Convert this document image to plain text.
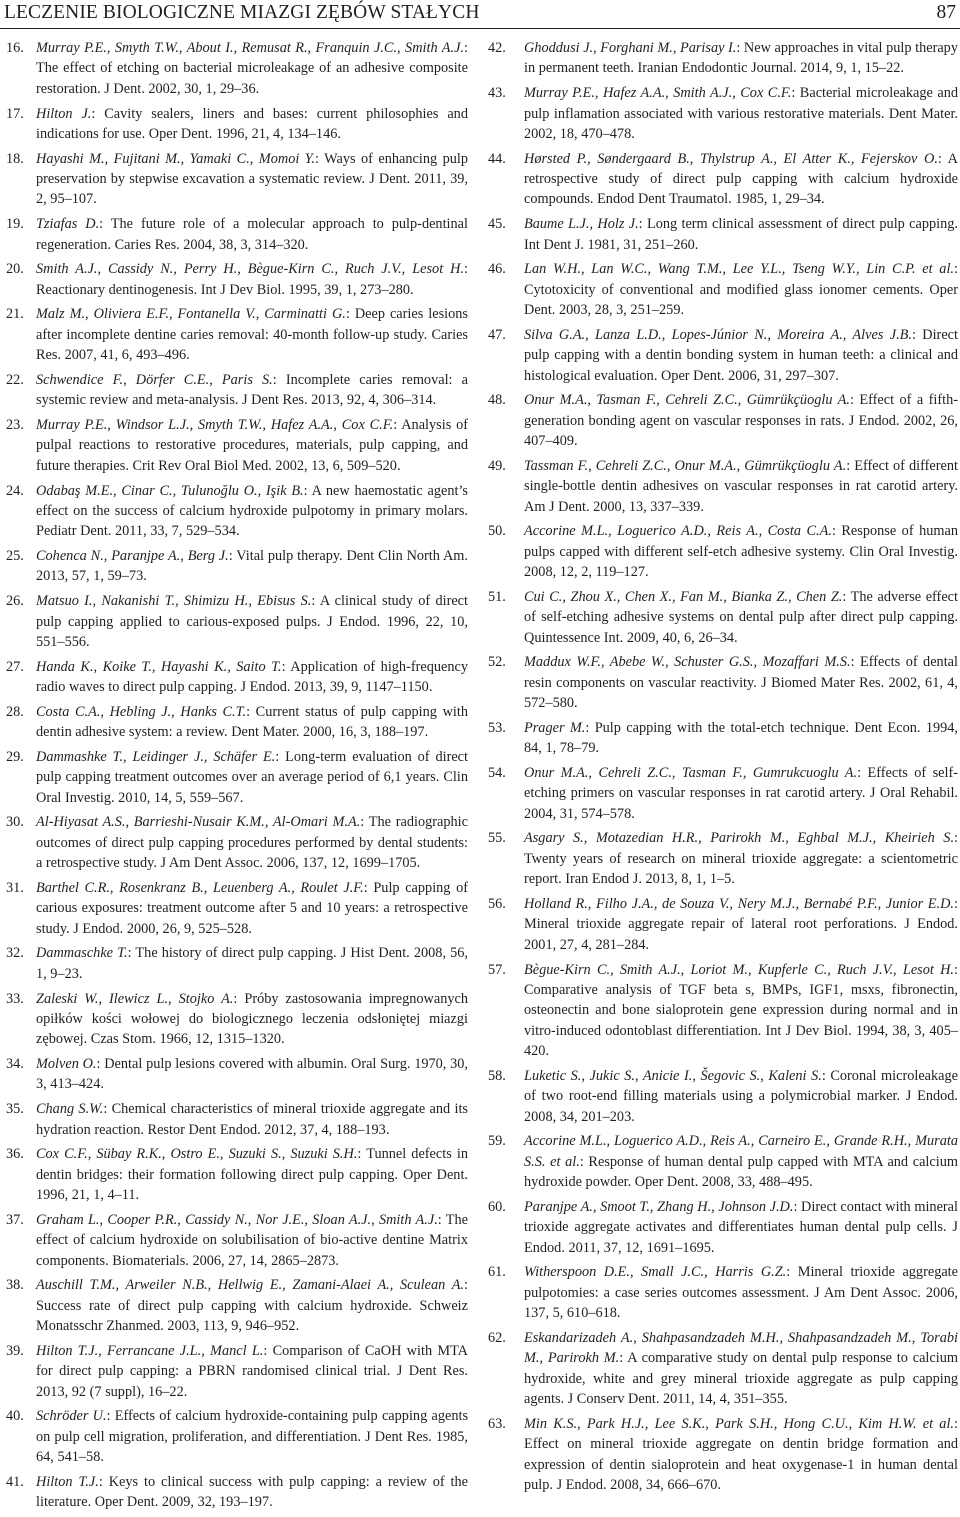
LECZENIE BIOLOGICZNE MIAZGI ZĘBÓW STAŁYCH	87
16. Murray P.E., Smyth T.W., About I., Remusat R., Franquin J.C., Smith A.J.: The effect of etching on bacterial microleakage of an adhesive composite restoration. J Dent. 2002, 30, 1, 29–36.
17. Hilton J.: Cavity sealers, liners and bases: current philosophies and indications for use. Oper Dent. 1996, 21, 4, 134–146.
18. Hayashi M., Fujitani M., Yamaki C., Momoi Y.: Ways of enhancing pulp preservation by stepwise excavation a systematic review. J Dent. 2011, 39, 2, 95–107.
19. Tziafas D.: The future role of a molecular approach to pulp-dentinal regeneration. Caries Res. 2004, 38, 3, 314–320.
20. Smith A.J., Cassidy N., Perry H., Bègue-Kirn C., Ruch J.V., Lesot H.: Reactionary dentinogenesis. Int J Dev Biol. 1995, 39, 1, 273–280.
21. Malz M., Oliviera E.F., Fontanella V., Carminatti G.: Deep caries lesions after incomplete dentine caries removal: 40-month follow-up study. Caries Res. 2007, 41, 6, 493–496.
22. Schwendice F., Dörfer C.E., Paris S.: Incomplete caries removal: a systemic review and meta-analysis. J Dent Res. 2013, 92, 4, 306–314.
23. Murray P.E., Windsor L.J., Smyth T.W., Hafez A.A., Cox C.F.: Analysis of pulpal reactions to restorative procedures, materials, pulp capping, and future therapies. Crit Rev Oral Biol Med. 2002, 13, 6, 509–520.
24. Odabaş M.E., Cinar C., Tulunoğlu O., Işik B.: A new haemostatic agent’s effect on the success of calcium hydroxide pulpotomy in primary molars. Pediatr Dent. 2011, 33, 7, 529–534.
25. Cohenca N., Paranjpe A., Berg J.: Vital pulp therapy. Dent Clin North Am. 2013, 57, 1, 59–73.
26. Matsuo I., Nakanishi T., Shimizu H., Ebisus S.: A clinical study of direct pulp capping applied to carious-exposed pulps. J Endod. 1996, 22, 10, 551–556.
27. Handa K., Koike T., Hayashi K., Saito T.: Application of high-frequency radio waves to direct pulp capping. J Endod. 2013, 39, 9, 1147–1150.
28. Costa C.A., Hebling J., Hanks C.T.: Current status of pulp capping with dentin adhesive system: a review. Dent Mater. 2000, 16, 3, 188–197.
29. Dammashke T., Leidinger J., Schäfer E.: Long-term evaluation of direct pulp capping treatment outcomes over an average period of 6,1 years. Clin Oral Investig. 2010, 14, 5, 559–567.
30. Al-Hiyasat A.S., Barrieshi-Nusair K.M., Al-Omari M.A.: The radiographic outcomes of direct pulp capping procedures performed by dental students: a retrospective study. J Am Dent Assoc. 2006, 137, 12, 1699–1705.
31. Barthel C.R., Rosenkranz B., Leuenberg A., Roulet J.F.: Pulp capping of carious exposures: treatment outcome after 5 and 10 years: a retrospective study. J Endod. 2000, 26, 9, 525–528.
32. Dammaschke T.: The history of direct pulp capping. J Hist Dent. 2008, 56, 1, 9–23.
33. Zaleski W., Ilewicz L., Stojko A.: Próby zastosowania impregnowanych opiłków kości wołowej do biologicznego leczenia odsłoniętej miazgi zębowej. Czas Stom. 1966, 12, 1315–1320.
34. Molven O.: Dental pulp lesions covered with albumin. Oral Surg. 1970, 30, 3, 413–424.
35. Chang S.W.: Chemical characteristics of mineral trioxide aggregate and its hydration reaction. Restor Dent Endod. 2012, 37, 4, 188–193.
36. Cox C.F., Sübay R.K., Ostro E., Suzuki S., Suzuki S.H.: Tunnel defects in dentin bridges: their formation following direct pulp capping. Oper Dent. 1996, 21, 1, 4–11.
37. Graham L., Cooper P.R., Cassidy N., Nor J.E., Sloan A.J., Smith A.J.: The effect of calcium hydroxide on solubilisation of bio-active dentine Matrix components. Biomaterials. 2006, 27, 14, 2865–2873.
38. Auschill T.M., Arweiler N.B., Hellwig E., Zamani-Alaei A., Sculean A.: Success rate of direct pulp capping with calcium hydroxide. Schweiz Monatsschr Zhanmed. 2003, 113, 9, 946–952.
39. Hilton T.J., Ferrancane J.L., Mancl L.: Comparison of CaOH with MTA for direct pulp capping: a PBRN randomised clinical trial. J Dent Res. 2013, 92 (7 suppl), 16–22.
40. Schröder U.: Effects of calcium hydroxide-containing pulp capping agents on pulp cell migration, proliferation, and differentiation. J Dent Res. 1985, 64, 541–58.
41. Hilton T.J.: Keys to clinical success with pulp capping: a review of the literature. Oper Dent. 2009, 32, 193–197.
42. Ghoddusi J., Forghani M., Parisay I.: New approaches in vital pulp therapy in permanent teeth. Iranian Endodontic Journal. 2014, 9, 1, 15–22.
43. Murray P.E., Hafez A.A., Smith A.J., Cox C.F.: Bacterial microleakage and pulp inflamation associated with various restorative materials. Dent Mater. 2002, 18, 470–478.
44. Hørsted P., Søndergaard B., Thylstrup A., El Atter K., Fejerskov O.: A retrospective study of direct pulp capping with calcium hydroxide compounds. Endod Dent Traumatol. 1985, 1, 29–34.
45. Baume L.J., Holz J.: Long term clinical assessment of direct pulp capping. Int Dent J. 1981, 31, 251–260.
46. Lan W.H., Lan W.C., Wang T.M., Lee Y.L., Tseng W.Y., Lin C.P. et al.: Cytotoxicity of conventional and modified glass ionomer cements. Oper Dent. 2003, 28, 3, 251–259.
47. Silva G.A., Lanza L.D., Lopes-Júnior N., Moreira A., Alves J.B.: Direct pulp capping with a dentin bonding system in human teeth: a clinical and histological evaluation. Oper Dent. 2006, 31, 297–307.
48. Onur M.A., Tasman F., Cehreli Z.C., Gümrükçüoglu A.: Effect of a fifth-generation bonding agent on vascular responses in rats. J Endod. 2002, 26, 407–409.
49. Tassman F., Cehreli Z.C., Onur M.A., Gümrükçüoglu A.: Effect of different single-bottle dentin adhesives on vascular responses in rat carotid artery. Am J Dent. 2000, 13, 337–339.
50. Accorine M.L., Loguerico A.D., Reis A., Costa C.A.: Response of human pulps capped with different self-etch adhesive systemy. Clin Oral Investig. 2008, 12, 2, 119–127.
51. Cui C., Zhou X., Chen X., Fan M., Bianka Z., Chen Z.: The adverse effect of self-etching adhesive systems on dental pulp after direct pulp capping. Quintessence Int. 2009, 40, 6, 26–34.
52. Maddux W.F., Abebe W., Schuster G.S., Mozaffari M.S.: Effects of dental resin components on vascular reactivity. J Biomed Mater Res. 2002, 61, 4, 572–580.
53. Prager M.: Pulp capping with the total-etch technique. Dent Econ. 1994, 84, 1, 78–79.
54. Onur M.A., Cehreli Z.C., Tasman F., Gumrukcuoglu A.: Effects of self-etching primers on vascular responses in rat carotid artery. J Oral Rehabil. 2004, 31, 574–578.
55. Asgary S., Motazedian H.R., Parirokh M., Eghbal M.J., Kheirieh S.: Twenty years of research on mineral trioxide aggregate: a scientometric report. Iran Endod J. 2013, 8, 1, 1–5.
56. Holland R., Filho J.A., de Souza V., Nery M.J., Bernabé P.F., Junior E.D.: Mineral trioxide aggregate repair of lateral root perforations. J Endod. 2001, 27, 4, 281–284.
57. Bègue-Kirn C., Smith A.J., Loriot M., Kupferle C., Ruch J.V., Lesot H.: Comparative analysis of TGF beta s, BMPs, IGF1, msxs, fibronectin, osteonectin and bone sialoprotein gene expression during normal and in vitro-induced odontoblast differentiation. Int J Dev Biol. 1994, 38, 3, 405–420.
58. Luketic S., Jukic S., Anicie I., Šegovic S., Kaleni S.: Coronal microleakage of two root-end filling materials using a polymicrobial marker. J Endod. 2008, 34, 201–203.
59. Accorine M.L., Loguerico A.D., Reis A., Carneiro E., Grande R.H., Murata S.S. et al.: Response of human dental pulp capped with MTA and calcium hydroxide powder. Oper Dent. 2008, 33, 488–495.
60. Paranjpe A., Smoot T., Zhang H., Johnson J.D.: Direct contact with mineral trioxide aggregate activates and differentiates human dental pulp cells. J Endod. 2011, 37, 12, 1691–1695.
61. Witherspoon D.E., Small J.C., Harris G.Z.: Mineral trioxide aggregate pulpotomies: a case series outcomes assessment. J Am Dent Assoc. 2006, 137, 5, 610–618.
62. Eskandarizadeh A., Shahpasandzadeh M.H., Shahpasandzadeh M., Torabi M., Parirokh M.: A comparative study on dental pulp response to calcium hydroxide, white and grey mineral trioxide aggregate as pulp capping agents. J Conserv Dent. 2011, 14, 4, 351–355.
63. Min K.S., Park H.J., Lee S.K., Park S.H., Hong C.U., Kim H.W. et al.: Effect on mineral trioxide aggregate on dentin bridge formation and expression of dentin sialoprotein and heat oxygenase-1 in human dental pulp. J Endod. 2008, 34, 666–670.
